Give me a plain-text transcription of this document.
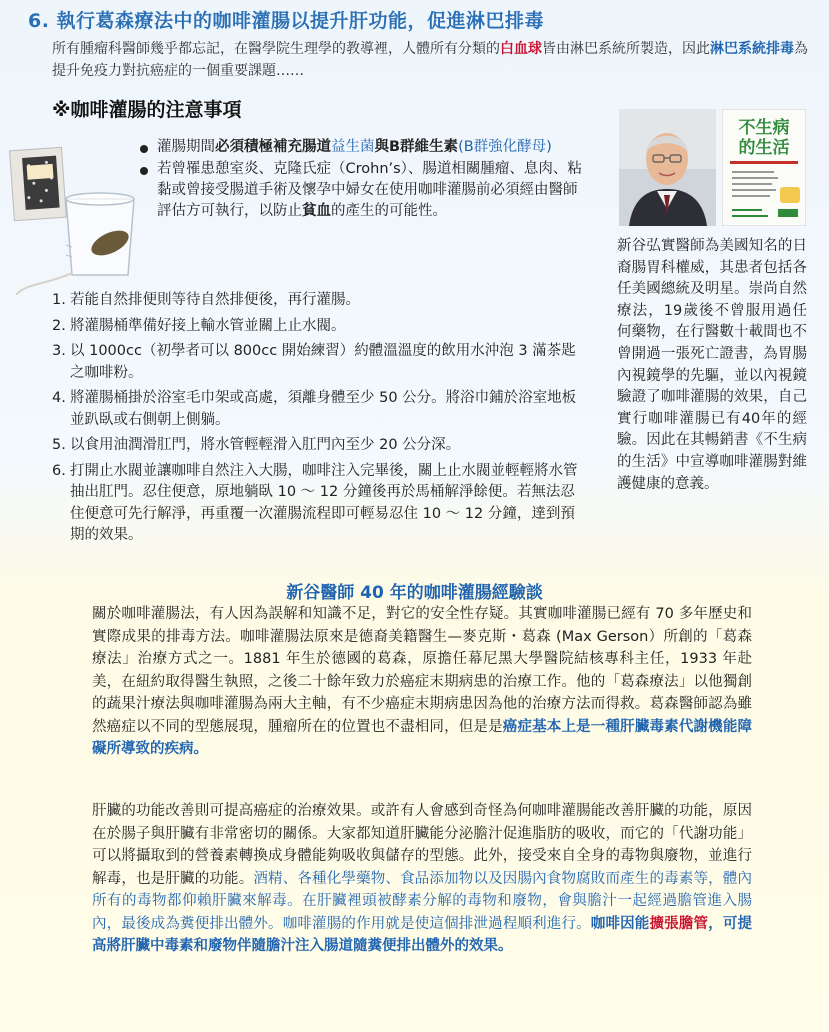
6. 執行葛森療法中的咖啡灌腸以提升肝功能，促進淋巴排毒

所有腫瘤科醫師幾乎都忘記，在醫學院生理學的教導裡，人體所有分類的白血球皆由淋巴系統所製造，因此淋巴系統排毒為提升免疫力對抗癌症的一個重要課題……

※咖啡灌腸的注意事項
灌腸期間必須積極補充腸道益生菌與B群維生素(B群強化酵母)
若曾罹患憩室炎、克隆氏症（Crohn’s）、腸道相關腫瘤、息肉、粘黏或曾接受腸道手術及懷孕中婦女在使用咖啡灌腸前必須經由醫師評估方可執行，以防止貧血的產生的可能性。
1. 若能自然排便則等待自然排便後，再行灌腸。
2. 將灌腸桶準備好接上輸水管並關上止水閥。
3. 以 1000cc（初學者可以 800cc 開始練習）約體溫溫度的飲用水沖泡 3 滿茶匙之咖啡粉。
4. 將灌腸桶掛於浴室毛巾架或高處，須離身體至少 50 公分。將浴巾鋪於浴室地板並趴臥或右側朝上側躺。
5. 以食用油潤滑肛門，將水管輕輕滑入肛門內至少 20 公分深。
6. 打開止水閥並讓咖啡自然注入大腸，咖啡注入完畢後，關上止水閥並輕輕將水管抽出肛門。忍住便意，原地躺臥 10 ～ 12 分鐘後再於馬桶解淨餘便。若無法忍住便意可先行解淨，再重覆一次灌腸流程即可輕易忍住 10 ～ 12 分鐘，達到預期的效果。
不生病
的生活

新谷弘實醫師為美國知名的日裔腸胃科權威，其患者包括各任美國總統及明星。崇尚自然療法，19歲後不曾服用過任何藥物，在行醫數十載間也不曾開過一張死亡證書，為胃腸內視鏡學的先驅，並以內視鏡驗證了咖啡灌腸的效果，自己實行咖啡灌腸已有40年的經驗。因此在其暢銷書《不生病的生活》中宣導咖啡灌腸對維護健康的意義。

新谷醫師 40 年的咖啡灌腸經驗談

關於咖啡灌腸法，有人因為誤解和知識不足，對它的安全性存疑。其實咖啡灌腸已經有 70 多年歷史和實際成果的排毒方法。咖啡灌腸法原來是德裔美籍醫生—麥克斯・葛森 (Max Gerson）所創的「葛森療法」治療方式之一。1881 年生於德國的葛森，原擔任幕尼黑大學醫院結核專科主任，1933 年赴美，在紐約取得醫生執照，之後二十餘年致力於癌症末期病患的治療工作。他的「葛森療法」以他獨創的蔬果汁療法與咖啡灌腸為兩大主軸，有不少癌症末期病患因為他的治療方法而得救。葛森醫師認為雖然癌症以不同的型態展現，腫瘤所在的位置也不盡相同，但是是癌症基本上是一種肝臟毒素代謝機能障礙所導致的疾病。

肝臟的功能改善則可提高癌症的治療效果。或許有人會感到奇怪為何咖啡灌腸能改善肝臟的功能，原因在於腸子與肝臟有非常密切的關係。大家都知道肝臟能分泌膽汁促進脂肪的吸收，而它的「代謝功能」可以將攝取到的營養素轉換成身體能夠吸收與儲存的型態。此外，接受來自全身的毒物與廢物，並進行解毒，也是肝臟的功能。酒精、各種化學藥物、食品添加物以及因腸內食物腐敗而產生的毒素等，體內所有的毒物都仰賴肝臟來解毒。在肝臟裡頭被酵素分解的毒物和廢物，會與膽汁一起經過膽管進入腸內，最後成為糞便排出體外。咖啡灌腸的作用就是使這個排泄過程順利進行。咖啡因能擴張膽管，可提高將肝臟中毒素和廢物伴隨膽汁注入腸道隨糞便排出體外的效果。
